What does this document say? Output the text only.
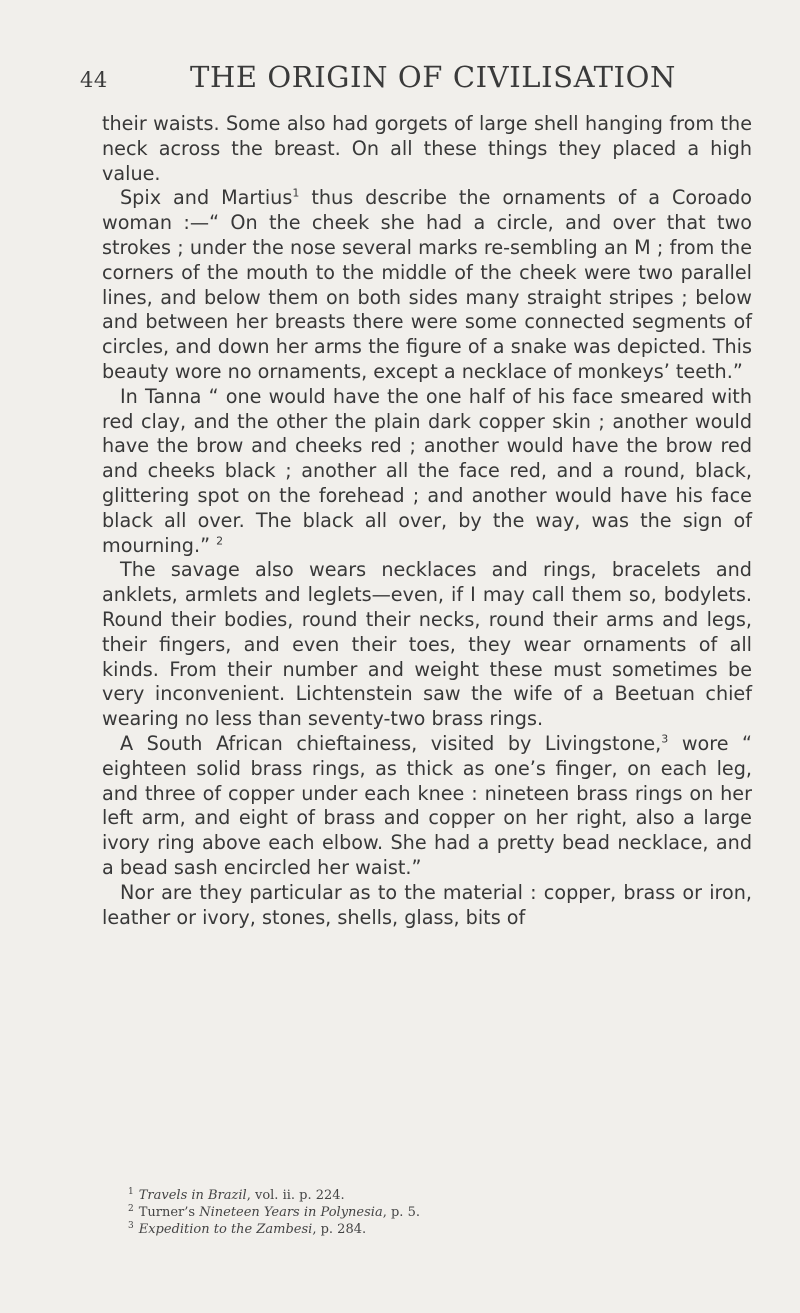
44	THE ORIGIN OF CIVILISATION

their waists. Some also had gorgets of large shell hanging from the neck across the breast. On all these things they placed a high value.

Spix and Martius$^1$ thus describe the ornaments of a Coroado woman :—“ On the cheek she had a circle, and over that two strokes ; under the nose several marks re-sembling an M ; from the corners of the mouth to the middle of the cheek were two parallel lines, and below them on both sides many straight stripes ; below and between her breasts there were some connected segments of circles, and down her arms the figure of a snake was depicted. This beauty wore no ornaments, except a necklace of monkeys’ teeth.”

In Tanna “ one would have the one half of his face smeared with red clay, and the other the plain dark copper skin ; another would have the brow and cheeks red ; another would have the brow red and cheeks black ; another all the face red, and a round, black, glittering spot on the forehead ; and another would have his face black all over. The black all over, by the way, was the sign of mourning.” $^2$

The savage also wears necklaces and rings, bracelets and anklets, armlets and leglets—even, if I may call them so, bodylets. Round their bodies, round their necks, round their arms and legs, their fingers, and even their toes, they wear ornaments of all kinds. From their number and weight these must sometimes be very inconvenient. Lichtenstein saw the wife of a Beetuan chief wearing no less than seventy-two brass rings.

A South African chieftainess, visited by Livingstone,$^3$ wore “ eighteen solid brass rings, as thick as one’s finger, on each leg, and three of copper under each knee : nineteen brass rings on her left arm, and eight of brass and copper on her right, also a large ivory ring above each elbow. She had a pretty bead necklace, and a bead sash encircled her waist.”

Nor are they particular as to the material : copper, brass or iron, leather or ivory, stones, shells, glass, bits of

$^1$ Travels in Brazil, vol. ii. p. 224.

$^2$ Turner’s Nineteen Years in Polynesia, p. 5.

$^3$ Expedition to the Zambesi, p. 284.
